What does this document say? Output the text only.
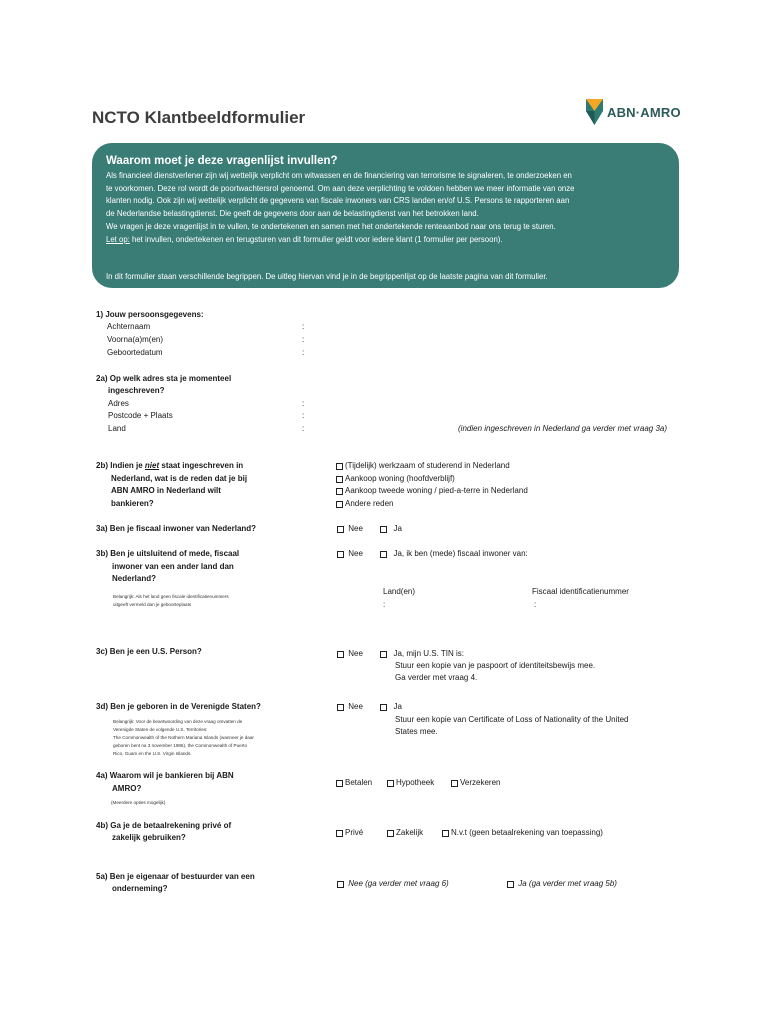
ABN·AMRO
NCTO Klantbeeldformulier
Waarom moet je deze vragenlijst invullen?
Als financieel dienstverlener zijn wij wettelijk verplicht om witwassen en de financiering van terrorisme te signaleren, te onderzoeken en
te voorkomen. Deze rol wordt de poortwachtersrol genoemd. Om aan deze verplichting te voldoen hebben we meer informatie van onze
klanten nodig. Ook zijn wij wettelijk verplicht de gegevens van fiscale inwoners van CRS landen en/of U.S. Persons te rapporteren aan
de Nederlandse belastingdienst. Die geeft de gegevens door aan de belastingdienst van het betrokken land.
We vragen je deze vragenlijst in te vullen, te ondertekenen en samen met het ondertekende renteaanbod naar ons terug te sturen.
Let op: het invullen, ondertekenen en terugsturen van dit formulier geldt voor iedere klant (1 formulier per persoon).
In dit formulier staan verschillende begrippen. De uitleg hiervan vind je in de begrippenlijst op de laatste pagina van dit formulier.
1) Jouw persoonsgegevens:
Achternaam	:
Voorna(a)m(en)	:
Geboortedatum	:
2a) Op welk adres sta je momenteel
ingeschreven?
Adres	:
Postcode + Plaats	:
Land	:	(indien ingeschreven in Nederland ga verder met vraag 3a)
2b) Indien je niet staat ingeschreven in
Nederland, wat is de reden dat je bij
ABN AMRO in Nederland wilt
bankieren?
(Tijdelijk) werkzaam of studerend in Nederland
Aankoop woning (hoofdverblijf)
Aankoop tweede woning / pied-a-terre in Nederland
Andere reden
3a) Ben je fiscaal inwoner van Nederland?
	Nee
	Ja
3b) Ben je uitsluitend of mede, fiscaal
inwoner van een ander land dan
Nederland?
Belangrijk: Als het land geen fiscale identificatienummers
uitgeeft vermeld dan je geboorteplaats

Nee
	Ja, ik ben (mede) fiscaal inwoner van:
Land(en)	Fiscaal identificatienummer
:	:
3c) Ben je een U.S. Person?
	Nee
	Ja, mijn U.S. TIN is:
Stuur een kopie van je paspoort of identiteitsbewijs mee.
Ga verder met vraag 4.
3d) Ben je geboren in de Verenigde Staten?
Belangrijk: Voor de beantwoording van deze vraag omvatten de
Verenigde Staten de volgende U.S. Territories:
The Commonwealth of the Nothern Mariana Islands (wanneer je daar
geboren bent na 3 november 1986), the Commonwealth of Puerto
Rico, Guam en the U.S. Virgin Islands.

Nee
	Ja
Stuur een kopie van Certificate of Loss of Nationality of the United
States mee.
4a) Waarom wil je bankieren bij ABN
AMRO?
(Meerdere opties mogelijk)
Betalen	Hypotheek	Verzekeren
4b) Ga je de betaalrekening privé of
zakelijk gebruiken?
Privé	Zakelijk	N.v.t (geen betaalrekening van toepassing)
5a) Ben je eigenaar of bestuurder van een
onderneming?

Nee (ga verder met vraag 6)
	Ja (ga verder met vraag 5b)
